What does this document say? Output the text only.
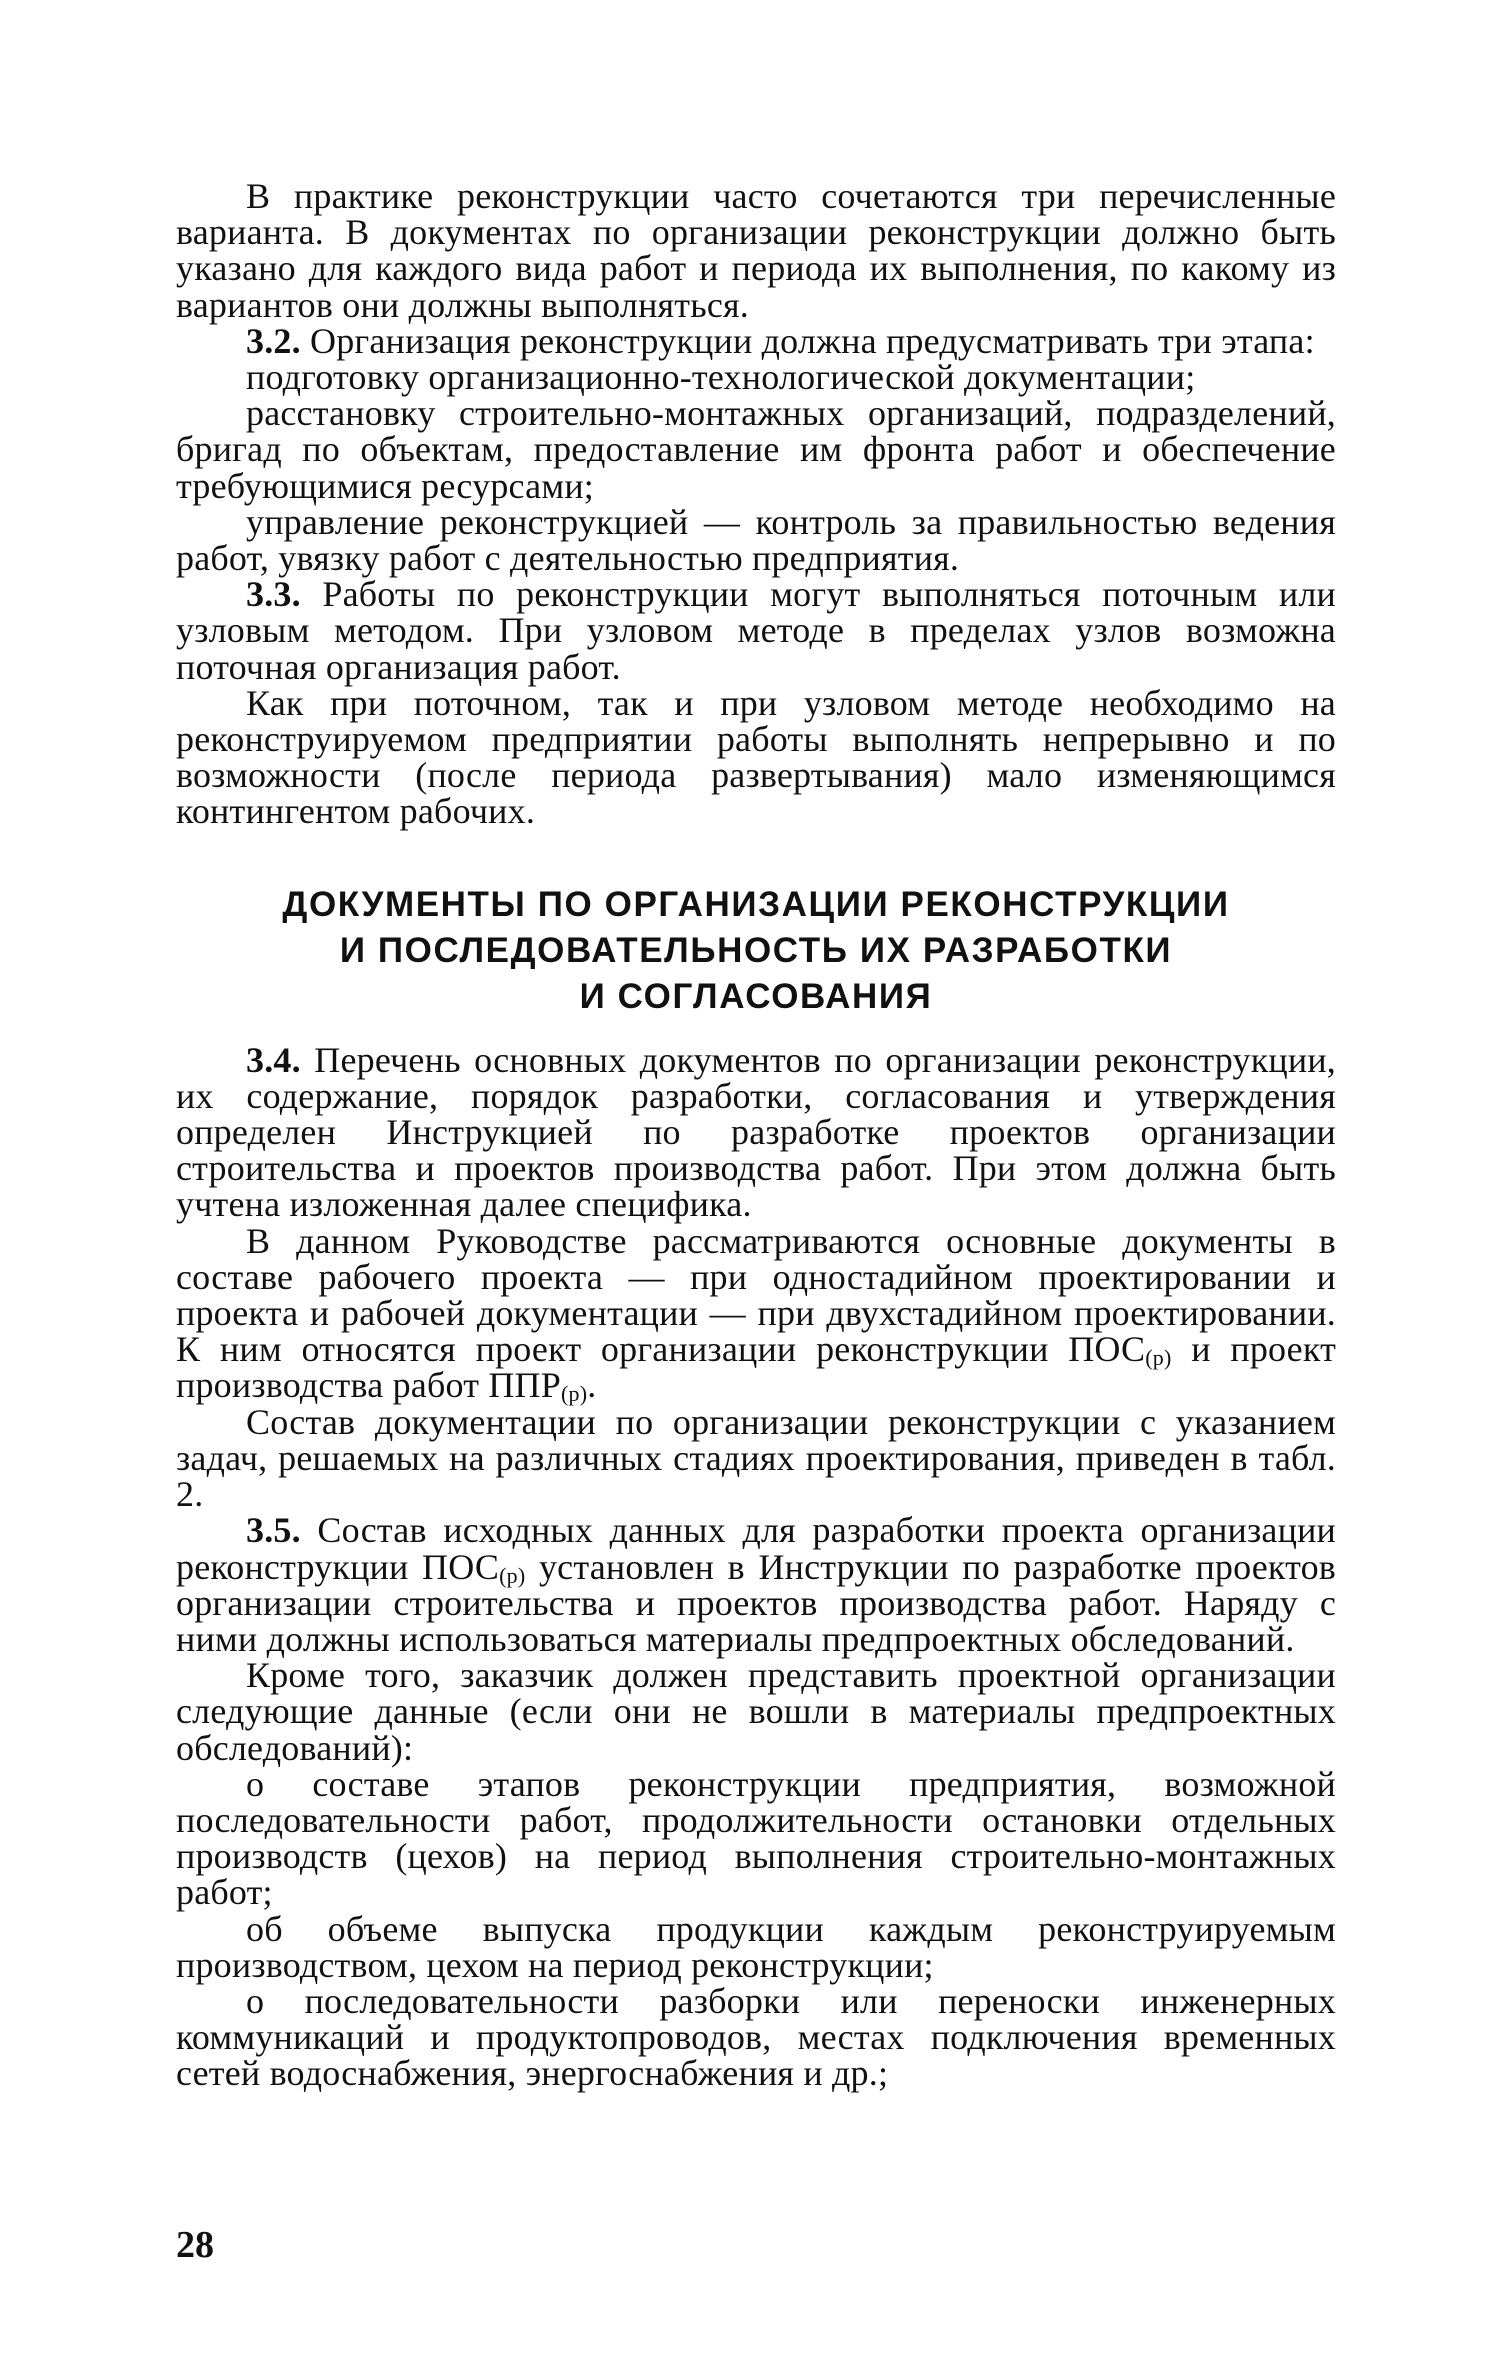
В практике реконструкции часто сочетаются три перечисленные варианта. В документах по организации реконструкции должно быть указано для каждого вида работ и периода их выполнения, по какому из вариантов они должны выполняться.

3.2. Организация реконструкции должна предусматривать три этапа:

подготовку организационно-технологической документации;

расстановку строительно-монтажных организаций, подразделений, бригад по объектам, предоставление им фронта работ и обеспечение требующимися ресурсами;

управление реконструкцией — контроль за правильностью ведения работ, увязку работ с деятельностью предприятия.

3.3. Работы по реконструкции могут выполняться поточным или узловым методом. При узловом методе в пределах узлов возможна поточная организация работ.

Как при поточном, так и при узловом методе необходимо на реконструируемом предприятии работы выполнять непрерывно и по возможности (после периода развертывания) мало изменяющимся контингентом рабочих.

ДОКУМЕНТЫ ПО ОРГАНИЗАЦИИ РЕКОНСТРУКЦИИ
И ПОСЛЕДОВАТЕЛЬНОСТЬ ИХ РАЗРАБОТКИ
И СОГЛАСОВАНИЯ

3.4. Перечень основных документов по организации реконструкции, их содержание, порядок разработки, согласования и утверждения определен Инструкцией по разработке проектов организации строительства и проектов производства работ. При этом должна быть учтена изложенная далее специфика.

В данном Руководстве рассматриваются основные документы в составе рабочего проекта — при одностадийном проектировании и проекта и рабочей документации — при двухстадийном проектировании. К ним относятся проект организации реконструкции $ПОС_{(р)}$ и проект производства работ $ППР_{(р)}$.

Состав документации по организации реконструкции с указанием задач, решаемых на различных стадиях проектирования, приведен в табл. 2.

3.5. Состав исходных данных для разработки проекта организации реконструкции $ПОС_{(р)}$ установлен в Инструкции по разработке проектов организации строительства и проектов производства работ. Наряду с ними должны использоваться материалы предпроектных обследований.

Кроме того, заказчик должен представить проектной организации следующие данные (если они не вошли в материалы предпроектных обследований):

о составе этапов реконструкции предприятия, возможной последовательности работ, продолжительности остановки отдельных производств (цехов) на период выполнения строительно-монтажных работ;

об объеме выпуска продукции каждым реконструируемым производством, цехом на период реконструкции;

о последовательности разборки или переноски инженерных коммуникаций и продуктопроводов, местах подключения временных сетей водоснабжения, энергоснабжения и др.;

28
